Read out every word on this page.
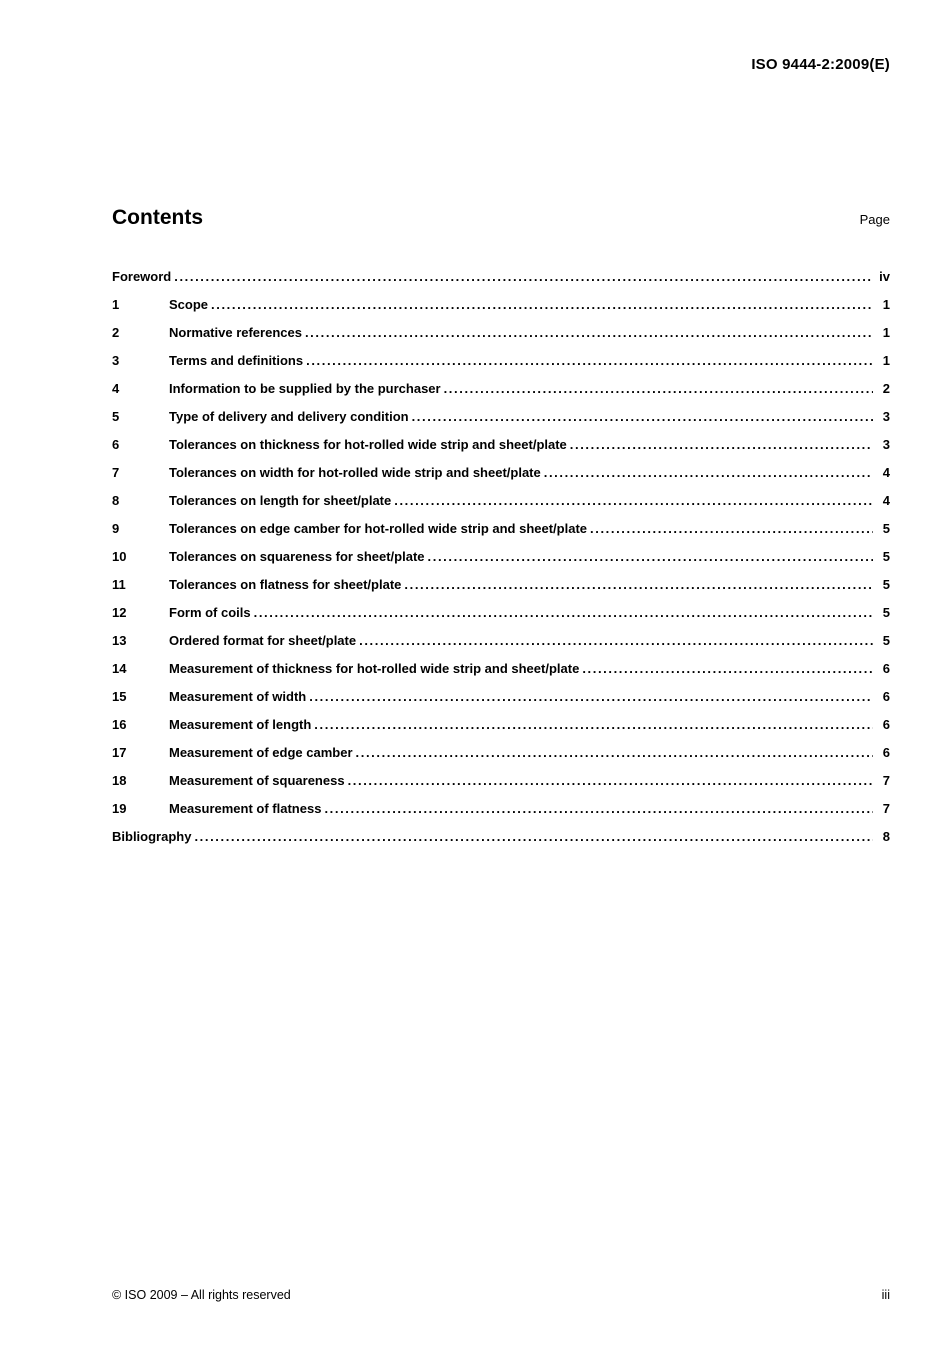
ISO 9444-2:2009(E)
Contents	Page
Foreword .....	iv
1	Scope .....	1
2	Normative references .....	1
3	Terms and definitions .....	1
4	Information to be supplied by the purchaser .....	2
5	Type of delivery and delivery condition .....	3
6	Tolerances on thickness for hot-rolled wide strip and sheet/plate .....	3
7	Tolerances on width for hot-rolled wide strip and sheet/plate .....	4
8	Tolerances on length for sheet/plate .....	4
9	Tolerances on edge camber for hot-rolled wide strip and sheet/plate .....	5
10	Tolerances on squareness for sheet/plate .....	5
11	Tolerances on flatness for sheet/plate .....	5
12	Form of coils .....	5
13	Ordered format for sheet/plate .....	5
14	Measurement of thickness for hot-rolled wide strip and sheet/plate .....	6
15	Measurement of width .....	6
16	Measurement of length .....	6
17	Measurement of edge camber .....	6
18	Measurement of squareness .....	7
19	Measurement of flatness .....	7
Bibliography .....	8
© ISO 2009 – All rights reserved	iii
